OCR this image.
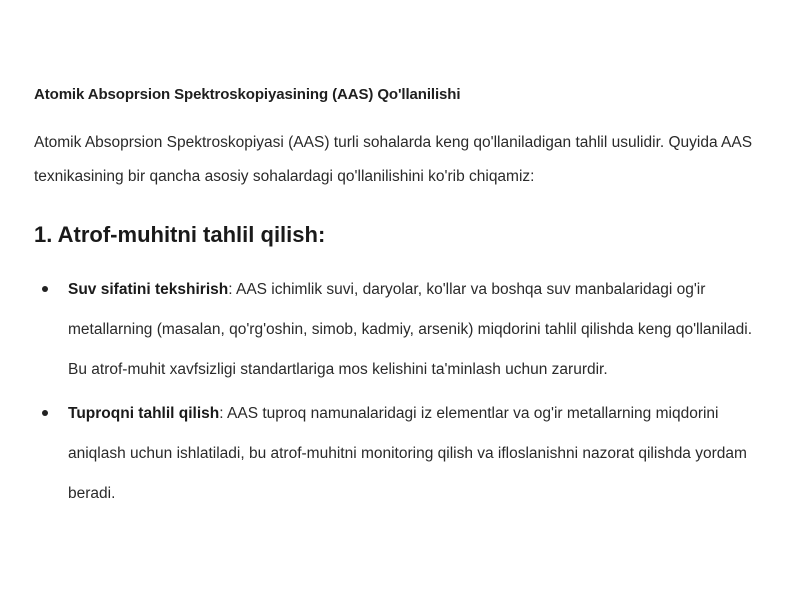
Atomik Absoprsion Spektroskopiyasining (AAS) Qo'llanilishi

Atomik Absoprsion Spektroskopiyasi (AAS) turli sohalarda keng qo'llaniladigan tahlil usulidir. Quyida AAS texnikasining bir qancha asosiy sohalardagi qo'llanilishini ko'rib chiqamiz:

1. Atrof-muhitni tahlil qilish:
Suv sifatini tekshirish: AAS ichimlik suvi, daryolar, ko'llar va boshqa suv manbalaridagi og'ir metallarning (masalan, qo'rg'oshin, simob, kadmiy, arsenik) miqdorini tahlil qilishda keng qo'llaniladi. Bu atrof-muhit xavfsizligi standartlariga mos kelishini ta'minlash uchun zarurdir.
Tuproqni tahlil qilish: AAS tuproq namunalaridagi iz elementlar va og'ir metallarning miqdorini aniqlash uchun ishlatiladi, bu atrof-muhitni monitoring qilish va ifloslanishni nazorat qilishda yordam beradi.
